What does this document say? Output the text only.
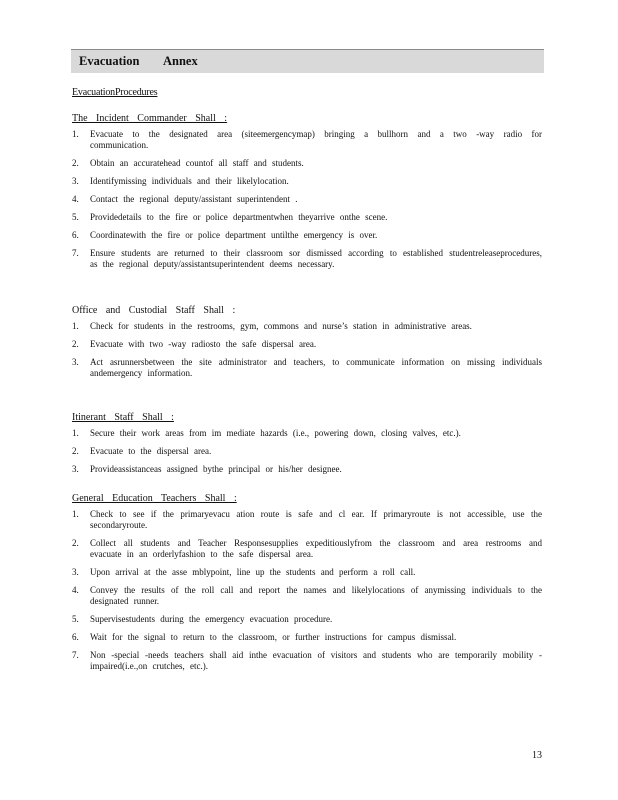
Evacuation Annex
EvacuationProcedures
The Incident Commander Shall :
1. Evacuate to the designated area (siteemergencymap) bringing a bullhorn and a two -way radio for communication.
2. Obtain an accuratehead countof all staff and students.
3. Identifymissing individuals and their likelylocation.
4. Contact the regional deputy/assistant superintendent .
5. Providedetails to the fire or police departmentwhen theyarrive onthe scene.
6. Coordinatewith the fire or police department untilthe emergency is over.
7. Ensure students are returned to their classroom sor dismissed according to established studentreleaseprocedures, as the regional deputy/assistantsuperintendent deems necessary.
Office and Custodial Staff Shall :
1. Check for students in the restrooms, gym, commons and nurse’s station in administrative areas.
2. Evacuate with two -way radiosto the safe dispersal area.
3. Act asrunnersbetween the site administrator and teachers, to communicate information on missing individuals andemergency information.
Itinerant Staff Shall :
1. Secure their work areas from im mediate hazards (i.e., powering down, closing valves, etc.).
2. Evacuate to the dispersal area.
3. Provideassistanceas assigned bythe principal or his/her designee.
General Education Teachers Shall :
1. Check to see if the primaryevacu ation route is safe and cl ear. If primaryroute is not accessible, use the secondaryroute.
2. Collect all students and Teacher Responsesupplies expeditiouslyfrom the classroom and area restrooms and evacuate in an orderlyfashion to the safe dispersal area.
3. Upon arrival at the asse mblypoint, line up the students and perform a roll call.
4. Convey the results of the roll call and report the names and likelylocations of anymissing individuals to the designated runner.
5. Supervisestudents during the emergency evacuation procedure.
6. Wait for the signal to return to the classroom, or further instructions for campus dismissal.
7. Non -special -needs teachers shall aid inthe evacuation of visitors and students who are temporarily mobility -impaired(i.e.,on crutches, etc.).
13
